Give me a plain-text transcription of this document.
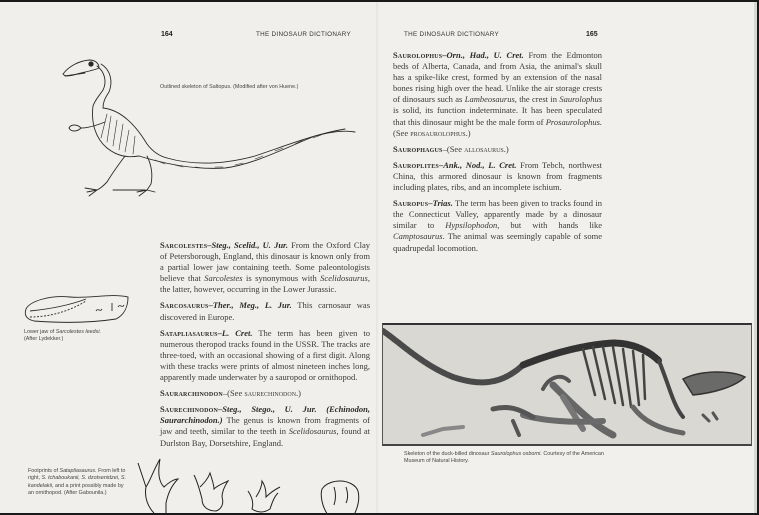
164	THE DINOSAUR DICTIONARY
Outlined skeleton of Saltopus. (Modified after von Huene.)
Lower jaw of Sarcolestes leedsi.
(After Lydekker.)

Sarcolestes–Steg., Scelid., U. Jur. From the Oxford Clay of Petersborough, England, this dinosaur is known only from a partial lower jaw containing teeth. Some paleontologists believe that Sarcolestes is synonymous with Scelidosaurus, the latter, however, occurring in the Lower Jurassic.

Sarcosaurus–Ther., Meg., L. Jur. This carnosaur was discovered in Europe.

Satapliasaurus–L. Cret. The term has been given to numerous theropod tracks found in the USSR. The tracks are three-toed, with an occasional showing of a first digit. Along with these tracks were prints of almost nineteen inches long, apparently made underwater by a sauropod or ornithopod.

Saurarchinodon–(See saurechinodon.)

Saurechinodon–Steg., Stego., U. Jur. (Echinodon, Saurarchinodon.) The genus is known from fragments of jaw and teeth, similar to the teeth in Scelidosaurus, found at Durlston Bay, Dorsetshire, England.

Footprints of Satapliasaurus. From left to right, S. tchaboukanii, S. dzotsenidzei, S. kandelakii, and a print possibly made by an ornithopod. (After Gabounila.)
THE DINOSAUR DICTIONARY	165

Saurolophus–Orn., Had., U. Cret. From the Edmonton beds of Alberta, Canada, and from Asia, the animal's skull has a spike-like crest, formed by an extension of the nasal bones rising high over the head. Unlike the air storage crests of dinosaurs such as Lambeosaurus, the crest in Saurolophus is solid, its function indeterminate. It has been speculated that this dinosaur might be the male form of Prosaurolophus. (See prosaurolophus.)

Saurophagus–(See allosaurus.)

Sauroplites–Ank., Nod., L. Cret. From Tebch, northwest China, this armored dinosaur is known from fragments including plates, ribs, and an incomplete ischium.

Sauropus–Trias. The term has been given to tracks found in the Connecticut Valley, apparently made by a dinosaur similar to Hypsilophodon, but with hands like Camptosaurus. The animal was seemingly capable of some quadrupedal locomotion.

Skeleton of the duck-billed dinosaur Saurolophus osborni. Courtesy of the American Museum of Natural History.
